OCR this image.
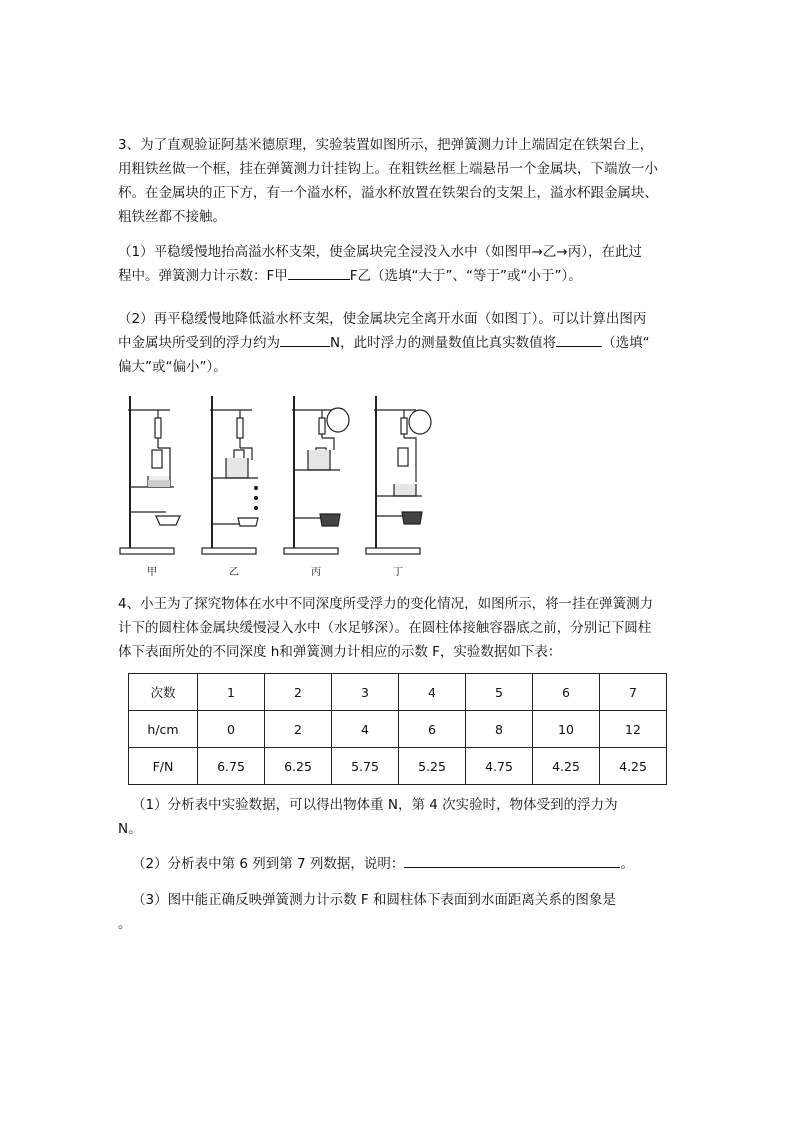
3、为了直观验证阿基米德原理，实验装置如图所示，把弹簧测力计上端固定在铁架台上，
用粗铁丝做一个框，挂在弹簧测力计挂钩上。在粗铁丝框上端悬吊一个金属块，下端放一小
杯。在金属块的正下方，有一个溢水杯，溢水杯放置在铁架台的支架上，溢水杯跟金属块、
粗铁丝都不接触。
（1）平稳缓慢地抬高溢水杯支架，使金属块完全浸没入水中（如图甲→乙→丙），在此过
程中。弹簧测力计示数：F甲	F乙（选填“大于”、“等于”或“小于”）。
（2）再平稳缓慢地降低溢水杯支架，使金属块完全离开水面（如图丁）。可以计算出图丙
中金属块所受到的浮力约为	N，此时浮力的测量数值比真实数值将	（选填“
偏大”或“偏小”）。
甲	乙	丙	丁
4、小王为了探究物体在水中不同深度所受浮力的变化情况，如图所示，将一挂在弹簧测力
计下的圆柱体金属块缓慢浸入水中（水足够深）。在圆柱体接触容器底之前，分别记下圆柱
体下表面所处的不同深度 h和弹簧测力计相应的示数 F，实验数据如下表：
次数	1	2	3	4	5	6	7
h/cm	0	2	4	6	8	10	12
F/N	6.75	6.25	5.75	5.25	4.75	4.25	4.25
（1）分析表中实验数据，可以得出物体重 N，第 4 次实验时，物体受到的浮力为
N。
（2）分析表中第 6 列到第 7 列数据，说明：	。
（3）图中能正确反映弹簧测力计示数 F 和圆柱体下表面到水面距离关系的图象是
。
